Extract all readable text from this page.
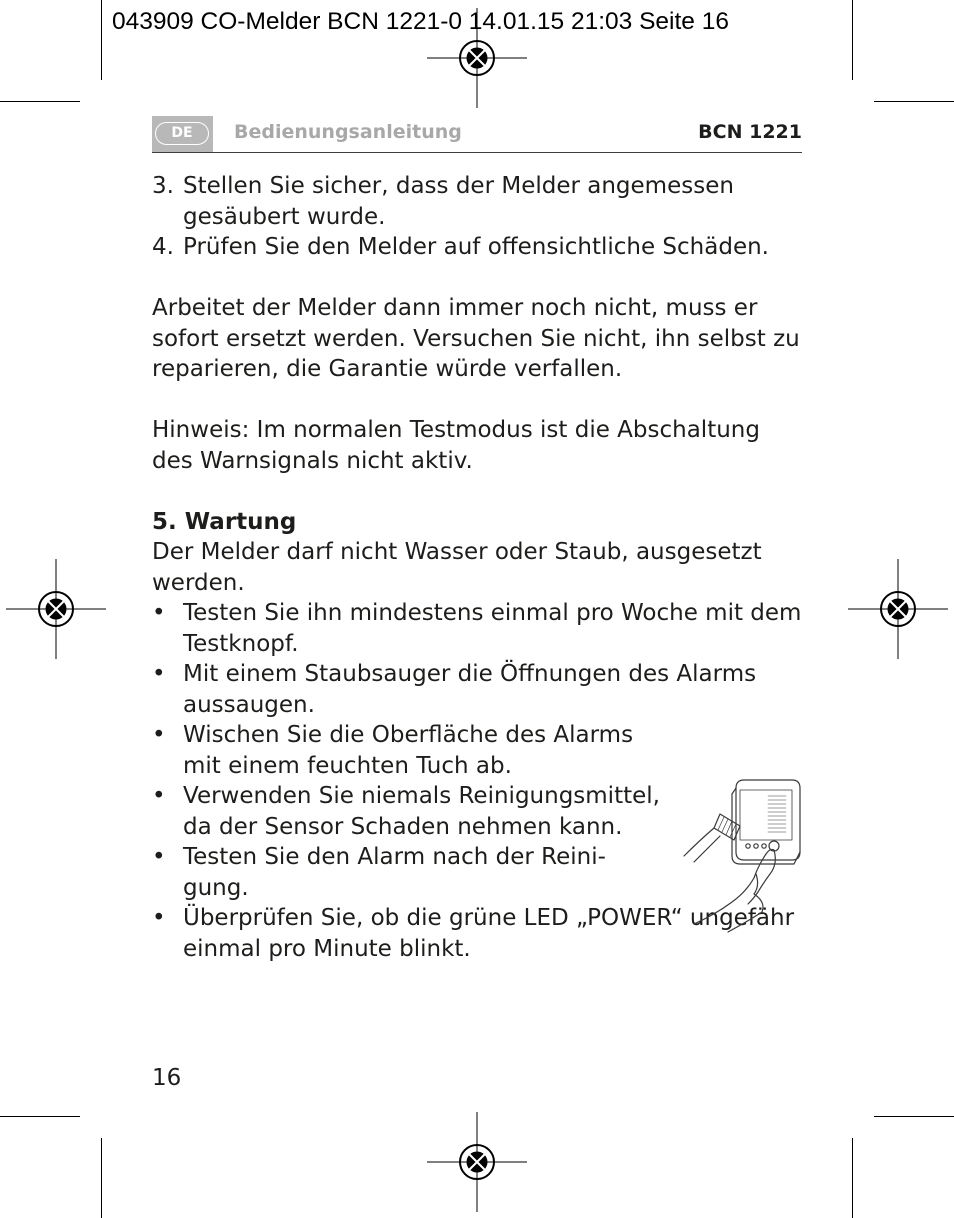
043909 CO-Melder BCN 1221-0 14.01.15 21:03 Seite 16
DE	Bedienungsanleitung	BCN 1221
3. Stellen Sie sicher, dass der Melder angemessen gesäubert wurde.
4. Prüfen Sie den Melder auf offensichtliche Schäden.

Arbeitet der Melder dann immer noch nicht, muss er sofort ersetzt werden. Versuchen Sie nicht, ihn selbst zu reparieren, die Garantie würde verfallen.

Hinweis: Im normalen Testmodus ist die Abschaltung des Warnsignals nicht aktiv.

5. Wartung

Der Melder darf nicht Wasser oder Staub, ausgesetzt werden.

• Testen Sie ihn mindestens einmal pro Woche mit dem Testknopf.
• Mit einem Staubsauger die Öffnungen des Alarms aussaugen.
• Wischen Sie die Oberfläche des Alarms mit einem feuchten Tuch ab.
• Verwenden Sie niemals Reinigungsmittel, da der Sensor Schaden nehmen kann.
• Testen Sie den Alarm nach der Reinigung.
• Überprüfen Sie, ob die grüne LED „POWER“ ungefähr einmal pro Minute blinkt.
16
